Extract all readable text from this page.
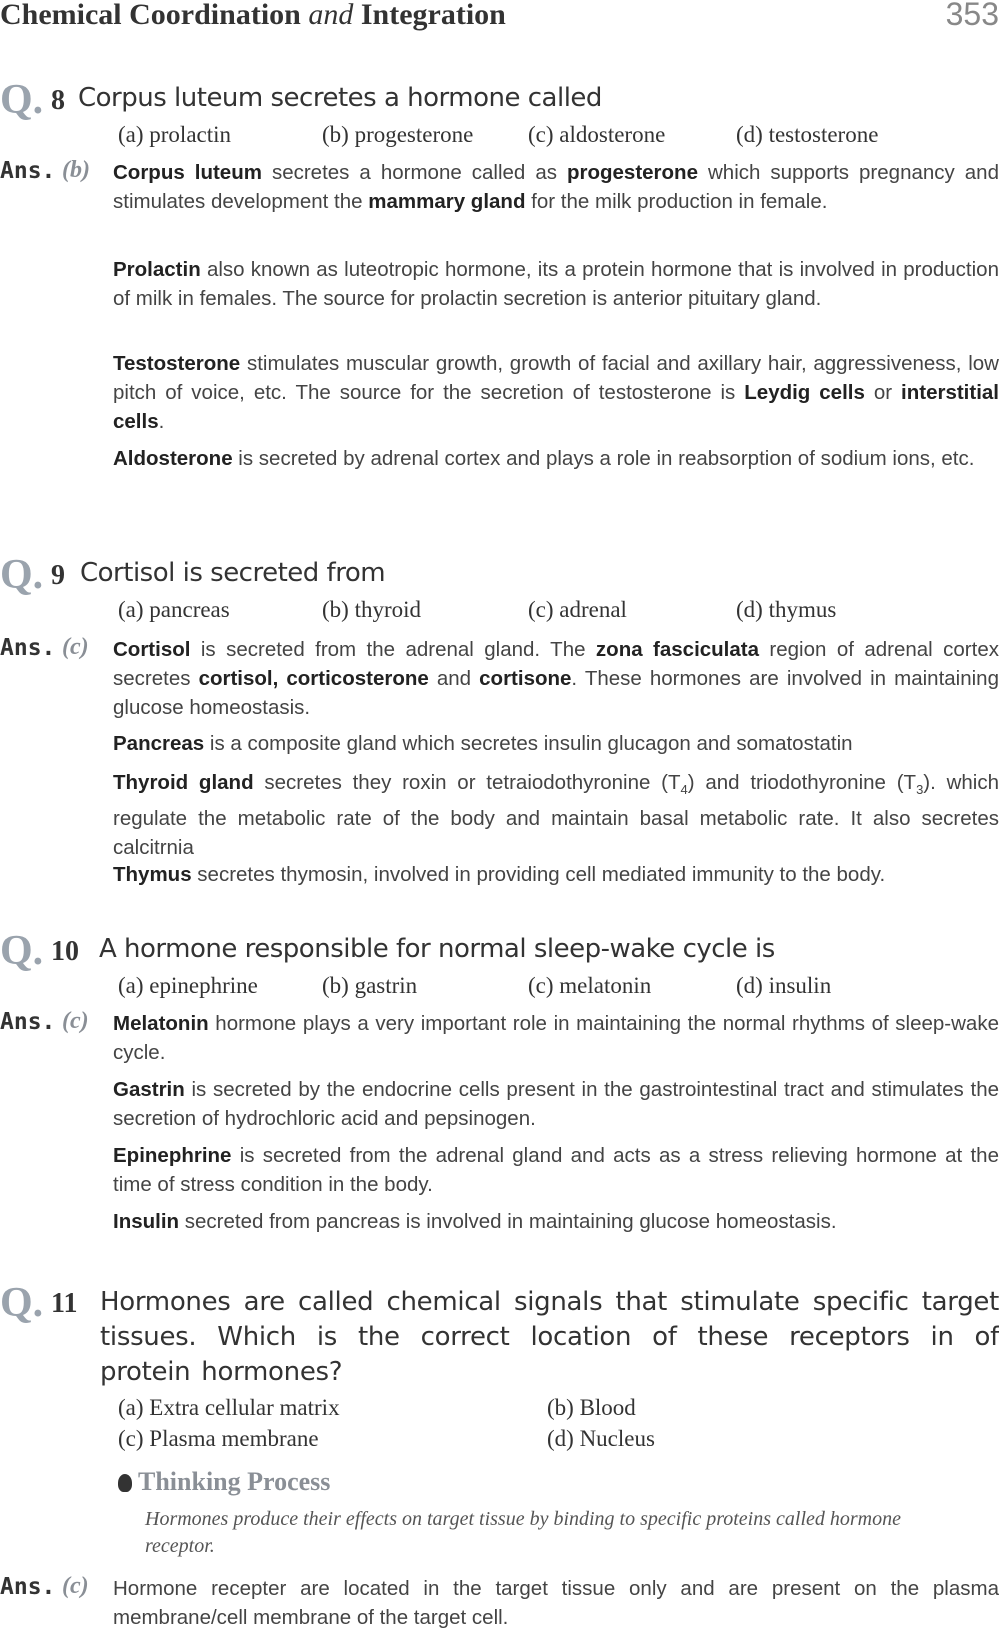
Chemical Coordination and Integration	353
Q. 8 Corpus luteum secretes a hormone called
(a) prolactin	(b) progesterone (c) aldosterone	(d) testosterone
Ans. (b) Corpus luteum secretes a hormone called as progesterone which supports pregnancy and stimulates development the mammary gland for the milk production in female.
Prolactin also known as luteotropic hormone, its a protein hormone that is involved in production of milk in females. The source for prolactin secretion is anterior pituitary gland.
Testosterone stimulates muscular growth, growth of facial and axillary hair, aggressiveness, low pitch of voice, etc. The source for the secretion of testosterone is Leydig cells or interstitial cells.
Aldosterone is secreted by adrenal cortex and plays a role in reabsorption of sodium ions, etc.
Q. 9 Cortisol is secreted from
(a) pancreas	(b) thyroid	(c) adrenal	(d) thymus
Ans. (c) Cortisol is secreted from the adrenal gland. The zona fasciculata region of adrenal cortex secretes cortisol, corticosterone and cortisone. These hormones are involved in maintaining glucose homeostasis.
Pancreas is a composite gland which secretes insulin glucagon and somatostatin
Thyroid gland secretes they roxin or tetraiodothyronine $(T_4)$ and triodothyronine $(T_3)$. which regulate the metabolic rate of the body and maintain basal metabolic rate. It also secretes calcitrnia
Thymus secretes thymosin, involved in providing cell mediated immunity to the body.
Q. 10 A hormone responsible for normal sleep-wake cycle is
(a) epinephrine	(b) gastrin	(c) melatonin	(d) insulin
Ans. (c) Melatonin hormone plays a very important role in maintaining the normal rhythms of sleep-wake cycle.
Gastrin is secreted by the endocrine cells present in the gastrointestinal tract and stimulates the secretion of hydrochloric acid and pepsinogen.
Epinephrine is secreted from the adrenal gland and acts as a stress relieving hormone at the time of stress condition in the body.
Insulin secreted from pancreas is involved in maintaining glucose homeostasis.
Q. 11 Hormones are called chemical signals that stimulate specific target tissues. Which is the correct location of these receptors in of protein hormones?
(a) Extra cellular matrix	(b) Blood
(c) Plasma membrane	(d) Nucleus
Thinking Process
Hormones produce their effects on target tissue by binding to specific proteins called hormone receptor.
Ans. (c) Hormone recepter are located in the target tissue only and are present on the plasma membrane/cell membrane of the target cell.
